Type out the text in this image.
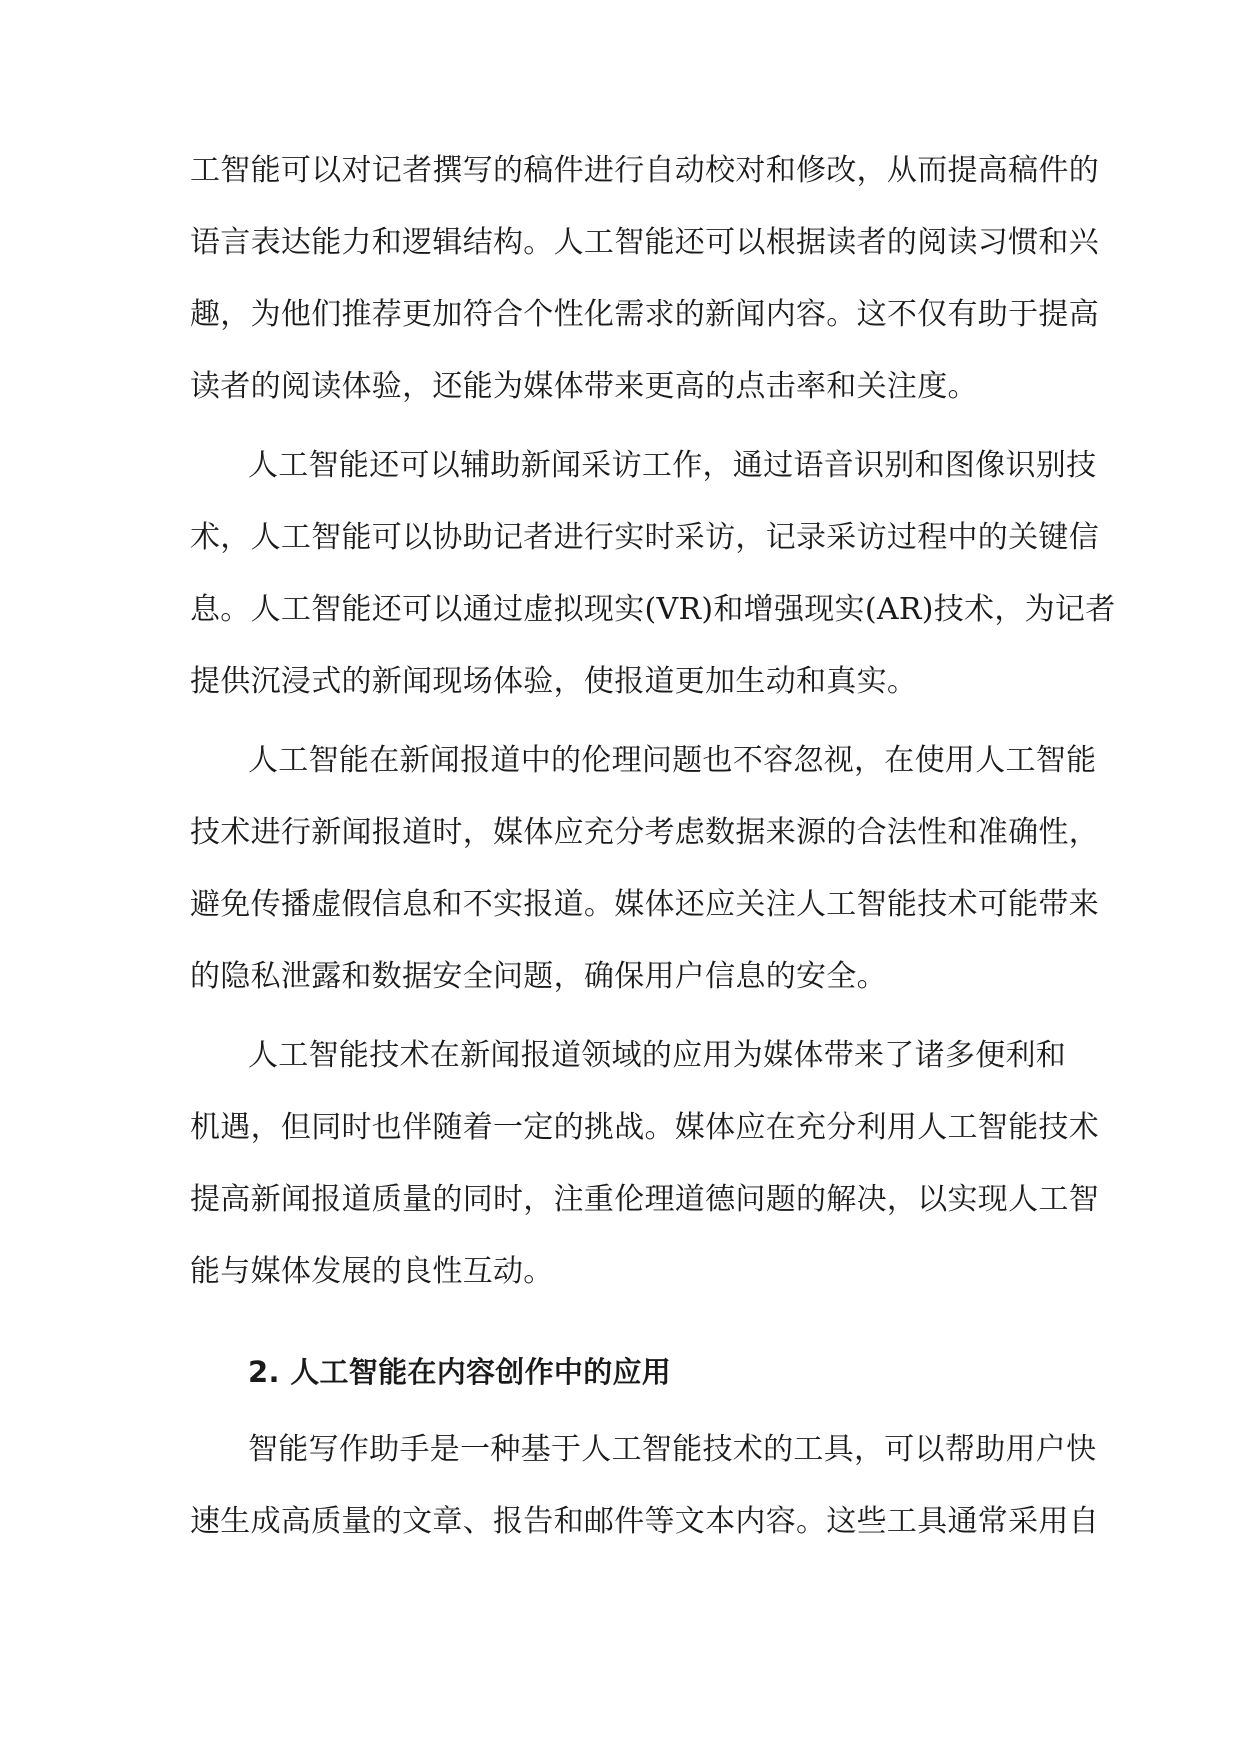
工智能可以对记者撰写的稿件进行自动校对和修改，从而提高稿件的
语言表达能力和逻辑结构。人工智能还可以根据读者的阅读习惯和兴
趣，为他们推荐更加符合个性化需求的新闻内容。这不仅有助于提高
读者的阅读体验，还能为媒体带来更高的点击率和关注度。
人工智能还可以辅助新闻采访工作，通过语音识别和图像识别技
术，人工智能可以协助记者进行实时采访，记录采访过程中的关键信
息。人工智能还可以通过虚拟现实(VR)和增强现实(AR)技术，为记者
提供沉浸式的新闻现场体验，使报道更加生动和真实。
人工智能在新闻报道中的伦理问题也不容忽视，在使用人工智能
技术进行新闻报道时，媒体应充分考虑数据来源的合法性和准确性，
避免传播虚假信息和不实报道。媒体还应关注人工智能技术可能带来
的隐私泄露和数据安全问题，确保用户信息的安全。
人工智能技术在新闻报道领域的应用为媒体带来了诸多便利和
机遇，但同时也伴随着一定的挑战。媒体应在充分利用人工智能技术
提高新闻报道质量的同时，注重伦理道德问题的解决，以实现人工智
能与媒体发展的良性互动。
2. 人工智能在内容创作中的应用
智能写作助手是一种基于人工智能技术的工具，可以帮助用户快
速生成高质量的文章、报告和邮件等文本内容。这些工具通常采用自
